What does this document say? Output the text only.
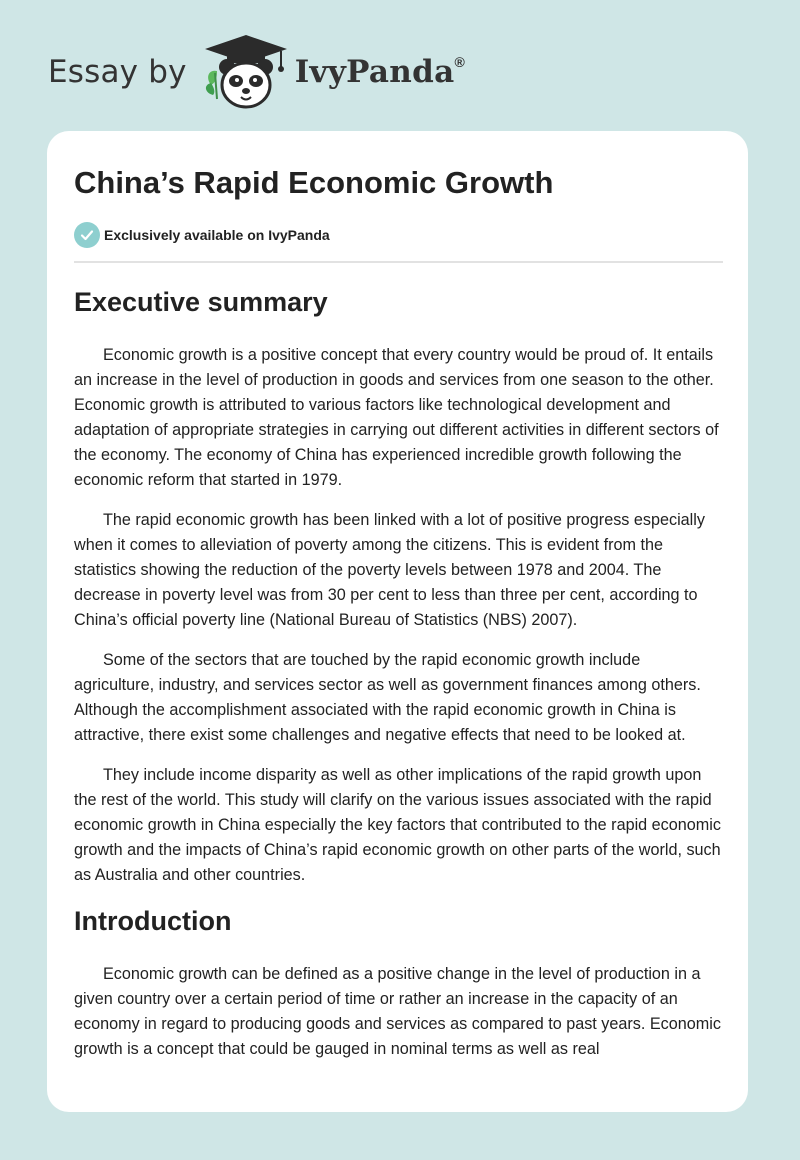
Essay by	IvyPanda®
China’s Rapid Economic Growth
Exclusively available on IvyPanda
Executive summary

Economic growth is a positive concept that every country would be proud of. It entails an increase in the level of production in goods and services from one season to the other. Economic growth is attributed to various factors like technological development and adaptation of appropriate strategies in carrying out different activities in different sectors of the economy. The economy of China has experienced incredible growth following the economic reform that started in 1979.

The rapid economic growth has been linked with a lot of positive progress especially when it comes to alleviation of poverty among the citizens. This is evident from the statistics showing the reduction of the poverty levels between 1978 and 2004. The decrease in poverty level was from 30 per cent to less than three per cent, according to China’s official poverty line (National Bureau of Statistics (NBS) 2007).

Some of the sectors that are touched by the rapid economic growth include agriculture, industry, and services sector as well as government finances among others. Although the accomplishment associated with the rapid economic growth in China is attractive, there exist some challenges and negative effects that need to be looked at.

They include income disparity as well as other implications of the rapid growth upon the rest of the world. This study will clarify on the various issues associated with the rapid economic growth in China especially the key factors that contributed to the rapid economic growth and the impacts of China’s rapid economic growth on other parts of the world, such as Australia and other countries.

Introduction

Economic growth can be defined as a positive change in the level of production in a given country over a certain period of time or rather an increase in the capacity of an economy in regard to producing goods and services as compared to past years. Economic growth is a concept that could be gauged in nominal terms as well as real
